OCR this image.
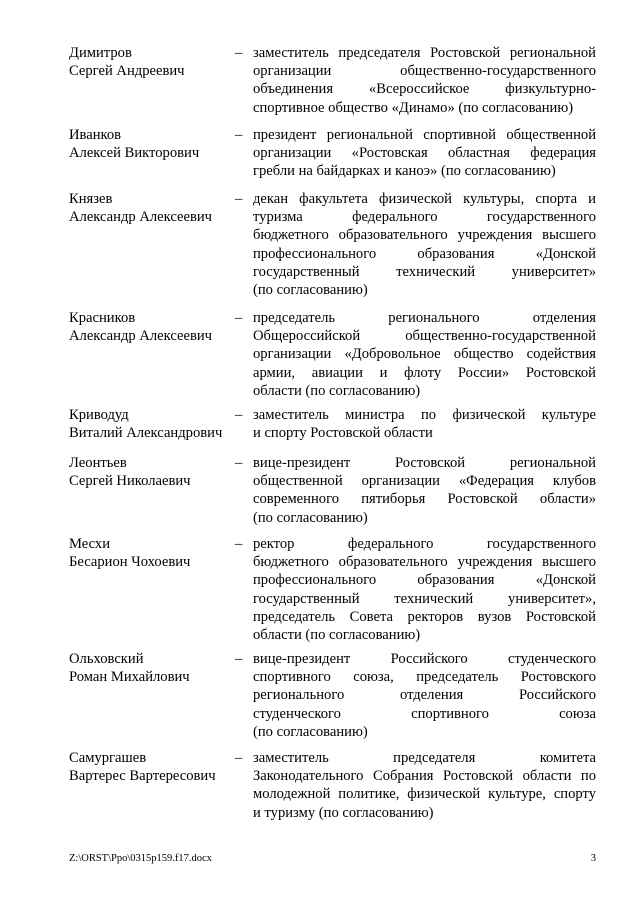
Димитров
Сергей Андреевич
– заместитель председателя Ростовской региональной
организации общественно-государственного
объединения «Всероссийское физкультурно-
спортивное общество «Динамо» (по согласованию)
Иванков
Алексей Викторович
– президент региональной спортивной общественной
организации «Ростовская областная федерация
гребли на байдарках и каноэ» (по согласованию)
Князев
Александр Алексеевич
– декан факультета физической культуры, спорта и
туризма федерального государственного
бюджетного образовательного учреждения высшего
профессионального образования «Донской
государственный технический университет»
(по согласованию)
Красников
Александр Алексеевич
– председатель регионального отделения
Общероссийской общественно-государственной
организации «Добровольное общество содействия
армии, авиации и флоту России» Ростовской
области (по согласованию)
Криводуд
Виталий Александрович
– заместитель министра по физической культуре
и спорту Ростовской области
Леонтьев
Сергей Николаевич
– вице-президент Ростовской региональной
общественной организации «Федерация клубов
современного пятиборья Ростовской области»
(по согласованию)
Месхи
Бесарион Чохоевич
– ректор федерального государственного
бюджетного образовательного учреждения высшего
профессионального образования «Донской
государственный технический университет»,
председатель Совета ректоров вузов Ростовской
области (по согласованию)
Ольховский
Роман Михайлович
– вице-президент Российского студенческого
спортивного союза, председатель Ростовского
регионального отделения Российского
студенческого спортивного союза
(по согласованию)
Самургашев
Вартерес Вартересович
– заместитель председателя комитета
Законодательного Собрания Ростовской области по
молодежной политике, физической культуре, спорту
и туризму (по согласованию)
Z:\ORST\Ppo\0315p159.f17.docx	3
